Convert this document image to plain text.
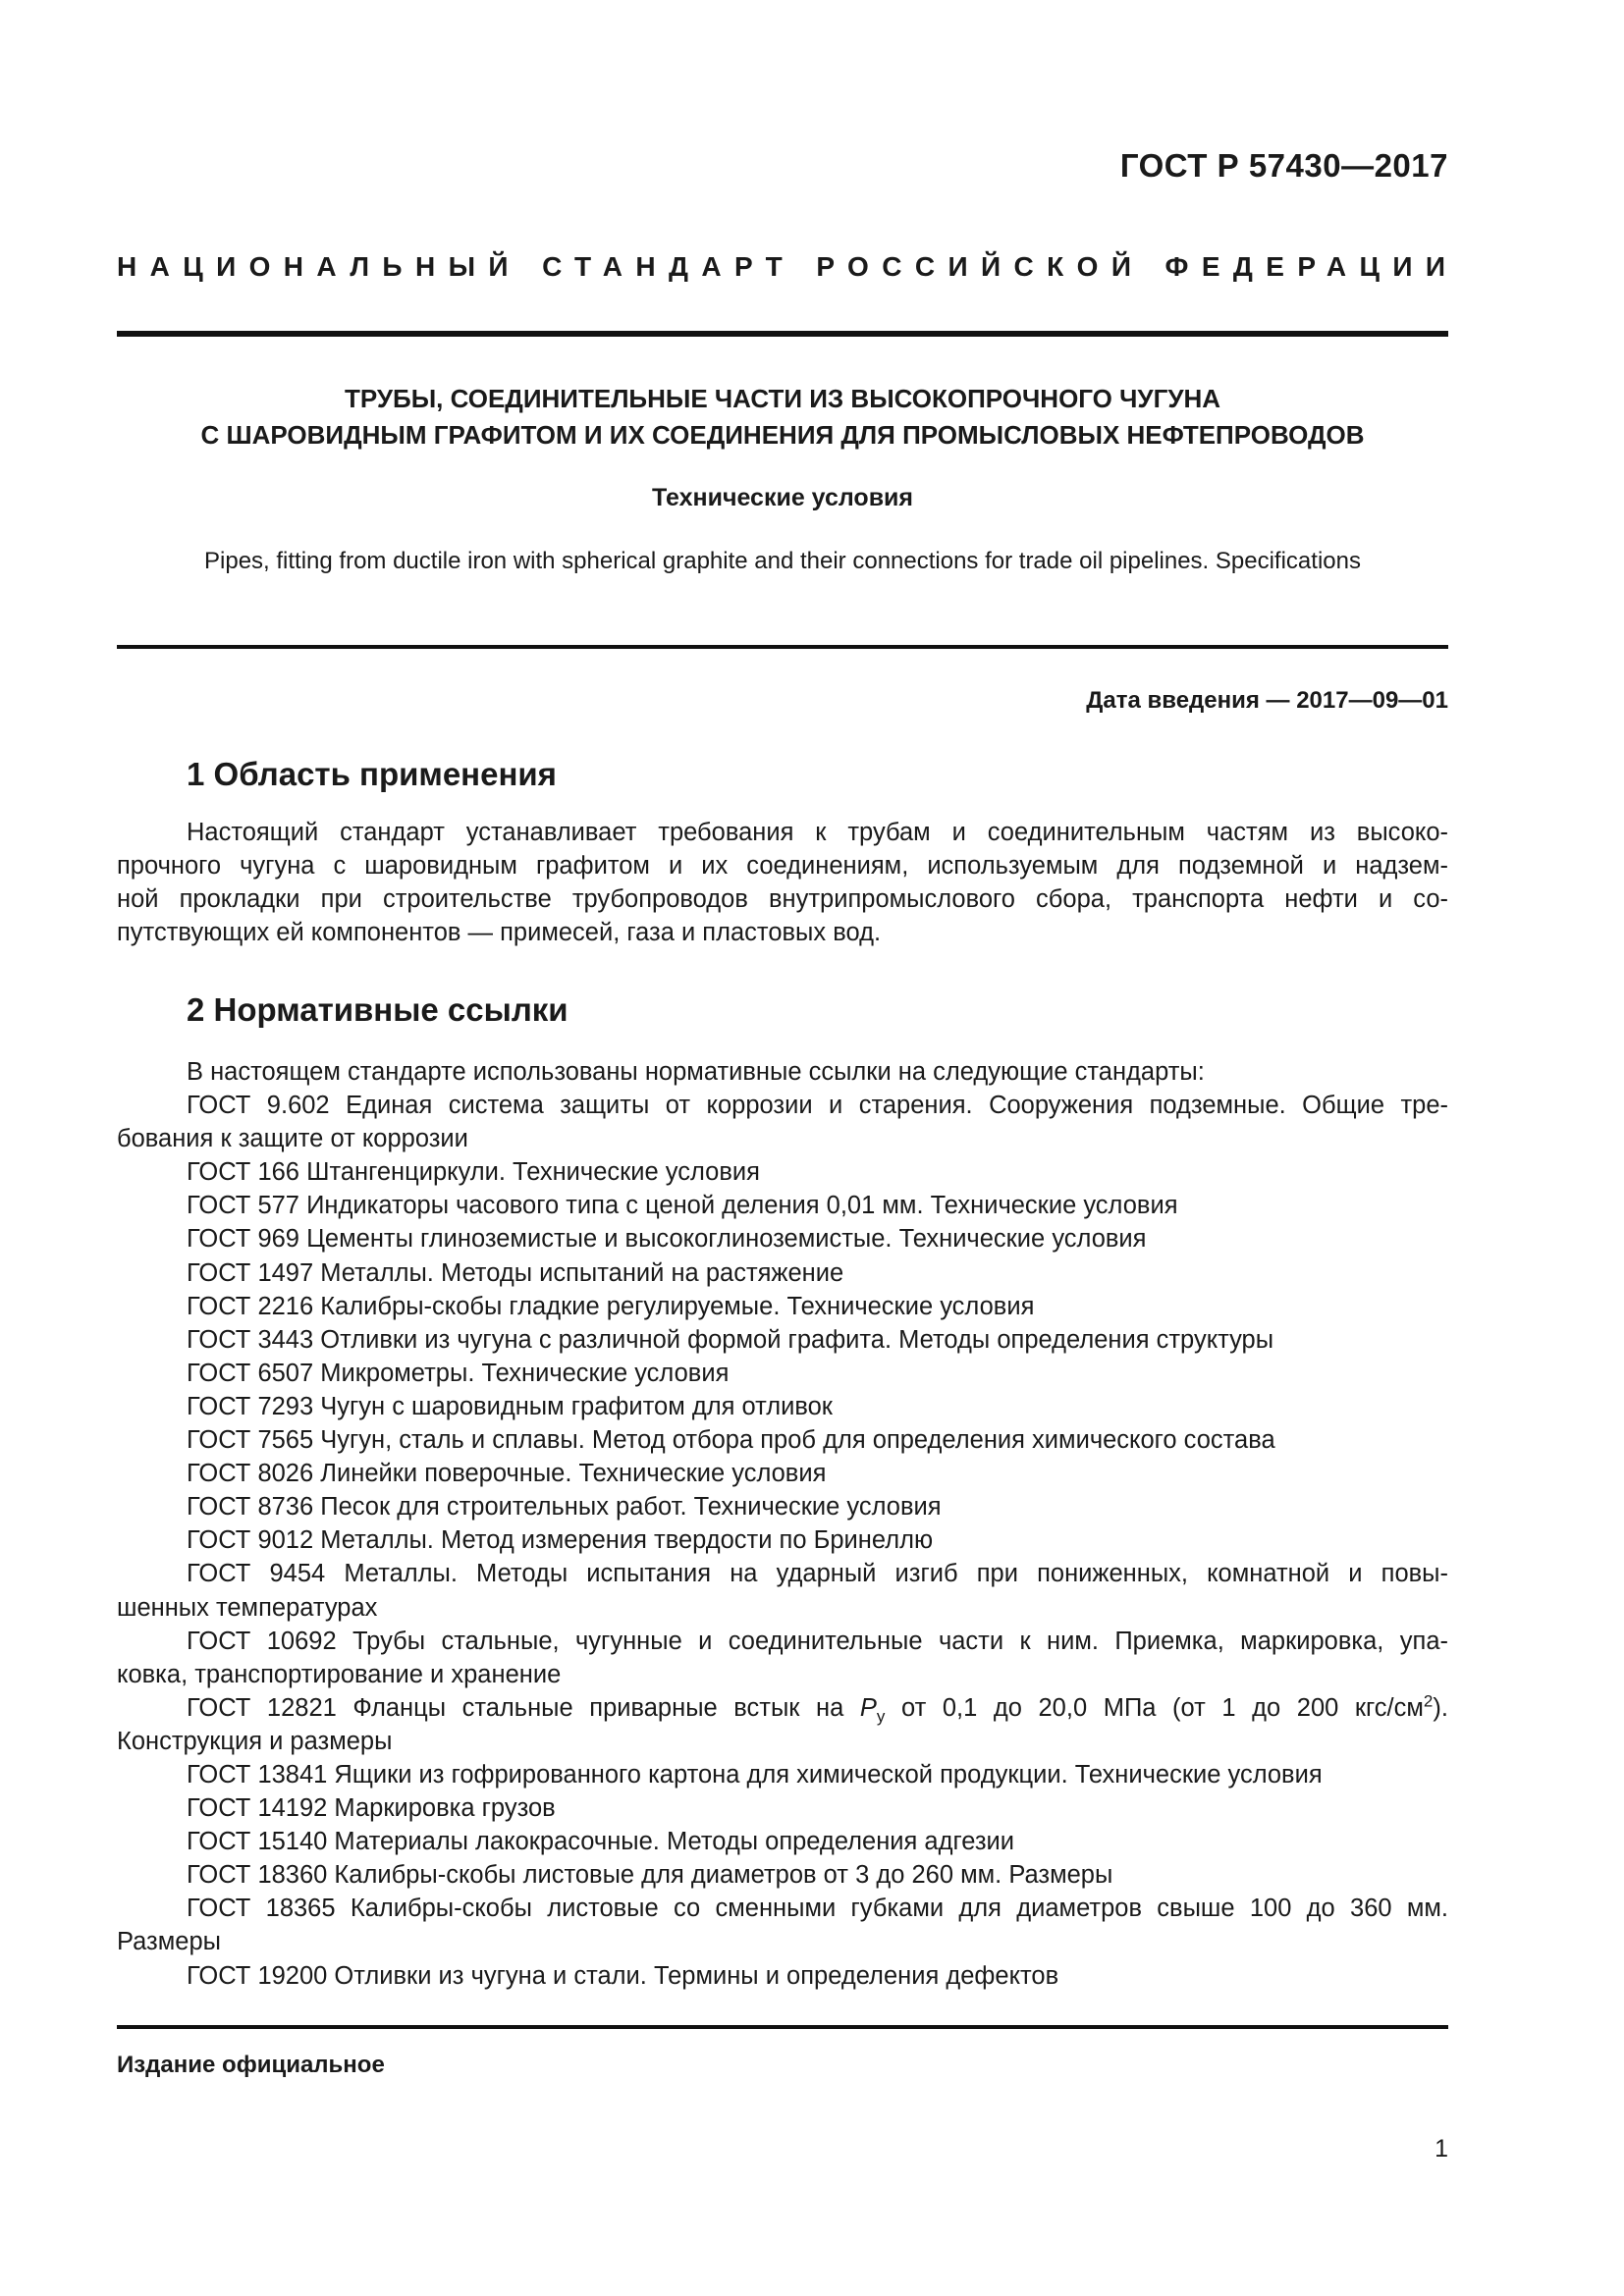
ГОСТ Р 57430—2017
НАЦИОНАЛЬНЫЙ СТАНДАРТ РОССИЙСКОЙ ФЕДЕРАЦИИ
ТРУБЫ, СОЕДИНИТЕЛЬНЫЕ ЧАСТИ ИЗ ВЫСОКОПРОЧНОГО ЧУГУНА
С ШАРОВИДНЫМ ГРАФИТОМ И ИХ СОЕДИНЕНИЯ ДЛЯ ПРОМЫСЛОВЫХ НЕФТЕПРОВОДОВ
Технические условия
Pipes, fitting from ductile iron with spherical graphite and their connections for trade oil pipelines. Specifications
Дата введения — 2017—09—01
1 Область применения
Настоящий стандарт устанавливает требования к трубам и соединительным частям из высоко-
прочного чугуна с шаровидным графитом и их соединениям, используемым для подземной и надзем-
ной прокладки при строительстве трубопроводов внутрипромыслового сбора, транспорта нефти и со-
путствующих ей компонентов — примесей, газа и пластовых вод.
2 Нормативные ссылки
В настоящем стандарте использованы нормативные ссылки на следующие стандарты:
ГОСТ 9.602 Единая система защиты от коррозии и старения. Сооружения подземные. Общие тре-
бования к защите от коррозии
ГОСТ 166 Штангенциркули. Технические условия
ГОСТ 577 Индикаторы часового типа с ценой деления 0,01 мм. Технические условия
ГОСТ 969 Цементы глиноземистые и высокоглиноземистые. Технические условия
ГОСТ 1497 Металлы. Методы испытаний на растяжение
ГОСТ 2216 Калибры-скобы гладкие регулируемые. Технические условия
ГОСТ 3443 Отливки из чугуна с различной формой графита. Методы определения структуры
ГОСТ 6507 Микрометры. Технические условия
ГОСТ 7293 Чугун с шаровидным графитом для отливок
ГОСТ 7565 Чугун, сталь и сплавы. Метод отбора проб для определения химического состава
ГОСТ 8026 Линейки поверочные. Технические условия
ГОСТ 8736 Песок для строительных работ. Технические условия
ГОСТ 9012 Металлы. Метод измерения твердости по Бринеллю
ГОСТ 9454 Металлы. Методы испытания на ударный изгиб при пониженных, комнатной и повы-
шенных температурах
ГОСТ 10692 Трубы стальные, чугунные и соединительные части к ним. Приемка, маркировка, упа-
ковка, транспортирование и хранение
ГОСТ 12821 Фланцы стальные приварные встык на $P_у$ от 0,1 до 20,0 МПа (от 1 до 200 кгс/$см^2$).
Конструкция и размеры
ГОСТ 13841 Ящики из гофрированного картона для химической продукции. Технические условия
ГОСТ 14192 Маркировка грузов
ГОСТ 15140 Материалы лакокрасочные. Методы определения адгезии
ГОСТ 18360 Калибры-скобы листовые для диаметров от 3 до 260 мм. Размеры
ГОСТ 18365 Калибры-скобы листовые со сменными губками для диаметров свыше 100 до 360 мм.
Размеры
ГОСТ 19200 Отливки из чугуна и стали. Термины и определения дефектов
Издание официальное
1
